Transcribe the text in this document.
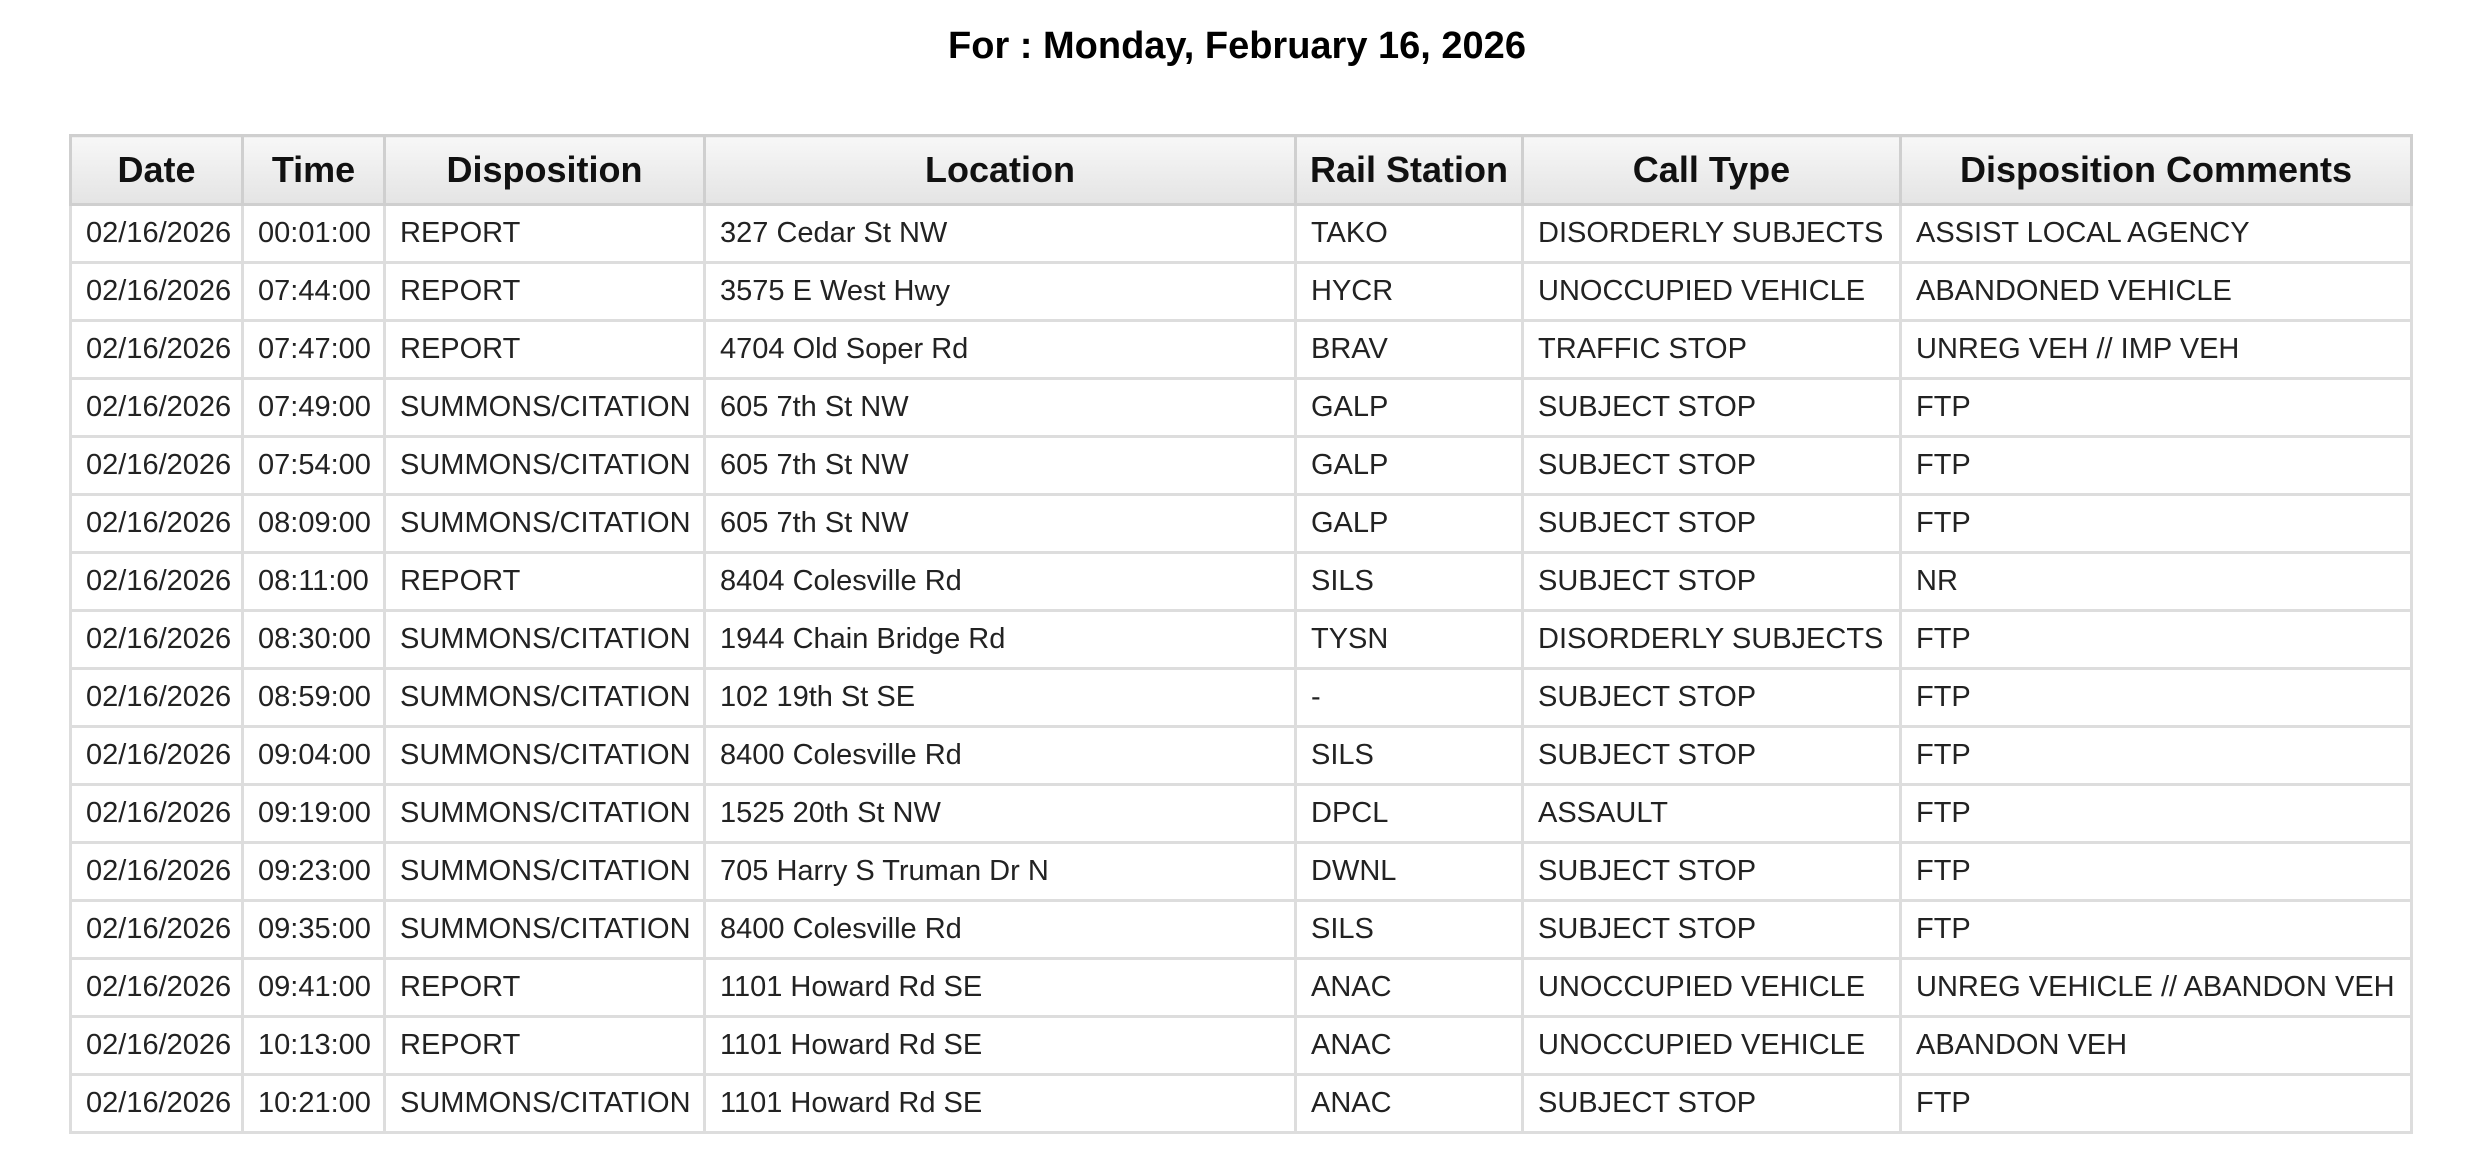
For : Monday, February 16, 2026
Date	Time	Disposition	Location	Rail Station	Call Type	Disposition Comments
02/16/2026	00:01:00	REPORT	327 Cedar St NW	TAKO	DISORDERLY SUBJECTS	ASSIST LOCAL AGENCY
02/16/2026	07:44:00	REPORT	3575 E West Hwy	HYCR	UNOCCUPIED VEHICLE	ABANDONED VEHICLE
02/16/2026	07:47:00	REPORT	4704 Old Soper Rd	BRAV	TRAFFIC STOP	UNREG VEH // IMP VEH
02/16/2026	07:49:00	SUMMONS/CITATION	605 7th St NW	GALP	SUBJECT STOP	FTP
02/16/2026	07:54:00	SUMMONS/CITATION	605 7th St NW	GALP	SUBJECT STOP	FTP
02/16/2026	08:09:00	SUMMONS/CITATION	605 7th St NW	GALP	SUBJECT STOP	FTP
02/16/2026	08:11:00	REPORT	8404 Colesville Rd	SILS	SUBJECT STOP	NR
02/16/2026	08:30:00	SUMMONS/CITATION	1944 Chain Bridge Rd	TYSN	DISORDERLY SUBJECTS	FTP
02/16/2026	08:59:00	SUMMONS/CITATION	102 19th St SE	-	SUBJECT STOP	FTP
02/16/2026	09:04:00	SUMMONS/CITATION	8400 Colesville Rd	SILS	SUBJECT STOP	FTP
02/16/2026	09:19:00	SUMMONS/CITATION	1525 20th St NW	DPCL	ASSAULT	FTP
02/16/2026	09:23:00	SUMMONS/CITATION	705 Harry S Truman Dr N	DWNL	SUBJECT STOP	FTP
02/16/2026	09:35:00	SUMMONS/CITATION	8400 Colesville Rd	SILS	SUBJECT STOP	FTP
02/16/2026	09:41:00	REPORT	1101 Howard Rd SE	ANAC	UNOCCUPIED VEHICLE	UNREG VEHICLE // ABANDON VEH
02/16/2026	10:13:00	REPORT	1101 Howard Rd SE	ANAC	UNOCCUPIED VEHICLE	ABANDON VEH
02/16/2026	10:21:00	SUMMONS/CITATION	1101 Howard Rd SE	ANAC	SUBJECT STOP	FTP
